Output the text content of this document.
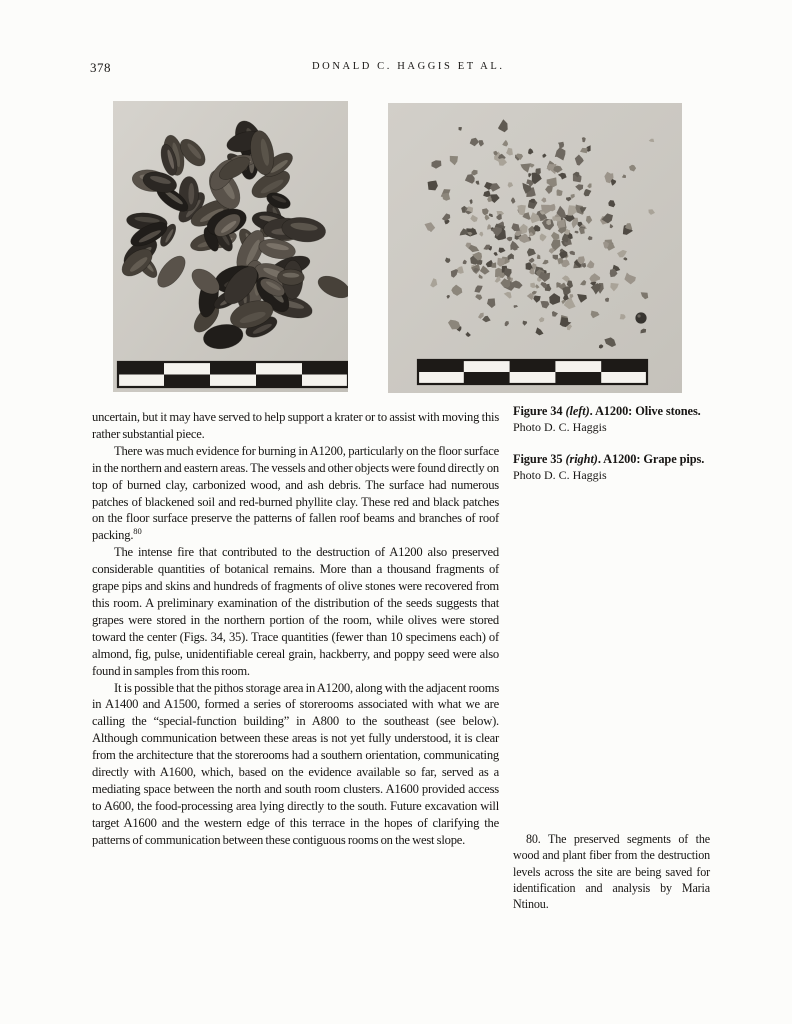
378	DONALD C. HAGGIS ET AL.

uncertain, but it may have served to help support a krater or to assist with moving this rather substantial piece.

There was much evidence for burning in A1200, particularly on the floor surface in the northern and eastern areas. The vessels and other objects were found directly on top of burned clay, carbonized wood, and ash debris. The surface had numerous patches of blackened soil and red-burned phyllite clay. These red and black patches on the floor surface preserve the patterns of fallen roof beams and branches of roof packing.$^{80}$

The intense fire that contributed to the destruction of A1200 also preserved considerable quantities of botanical remains. More than a thousand fragments of grape pips and skins and hundreds of fragments of olive stones were recovered from this room. A preliminary examination of the distribution of the seeds suggests that grapes were stored in the northern portion of the room, while olives were stored toward the center (Figs. 34, 35). Trace quantities (fewer than 10 specimens each) of almond, fig, pulse, unidentifiable cereal grain, hackberry, and poppy seed were also found in samples from this room.

It is possible that the pithos storage area in A1200, along with the adjacent rooms in A1400 and A1500, formed a series of storerooms associated with what we are calling the “special-function building” in A800 to the southeast (see below). Although communication between these areas is not yet fully understood, it is clear from the architecture that the storerooms had a southern orientation, communicating directly with A1600, which, based on the evidence available so far, served as a mediating space between the north and south room clusters. A1600 provided access to A600, the food-processing area lying directly to the south. Future excavation will target A1600 and the western edge of this terrace in the hopes of clarifying the patterns of communication between these contiguous rooms on the west slope.

Figure 34 (left). A1200: Olive stones.

Photo D. C. Haggis

Figure 35 (right). A1200: Grape pips.

Photo D. C. Haggis

80. The preserved segments of the wood and plant fiber from the destruction levels across the site are being saved for identification and analysis by Maria Ntinou.
